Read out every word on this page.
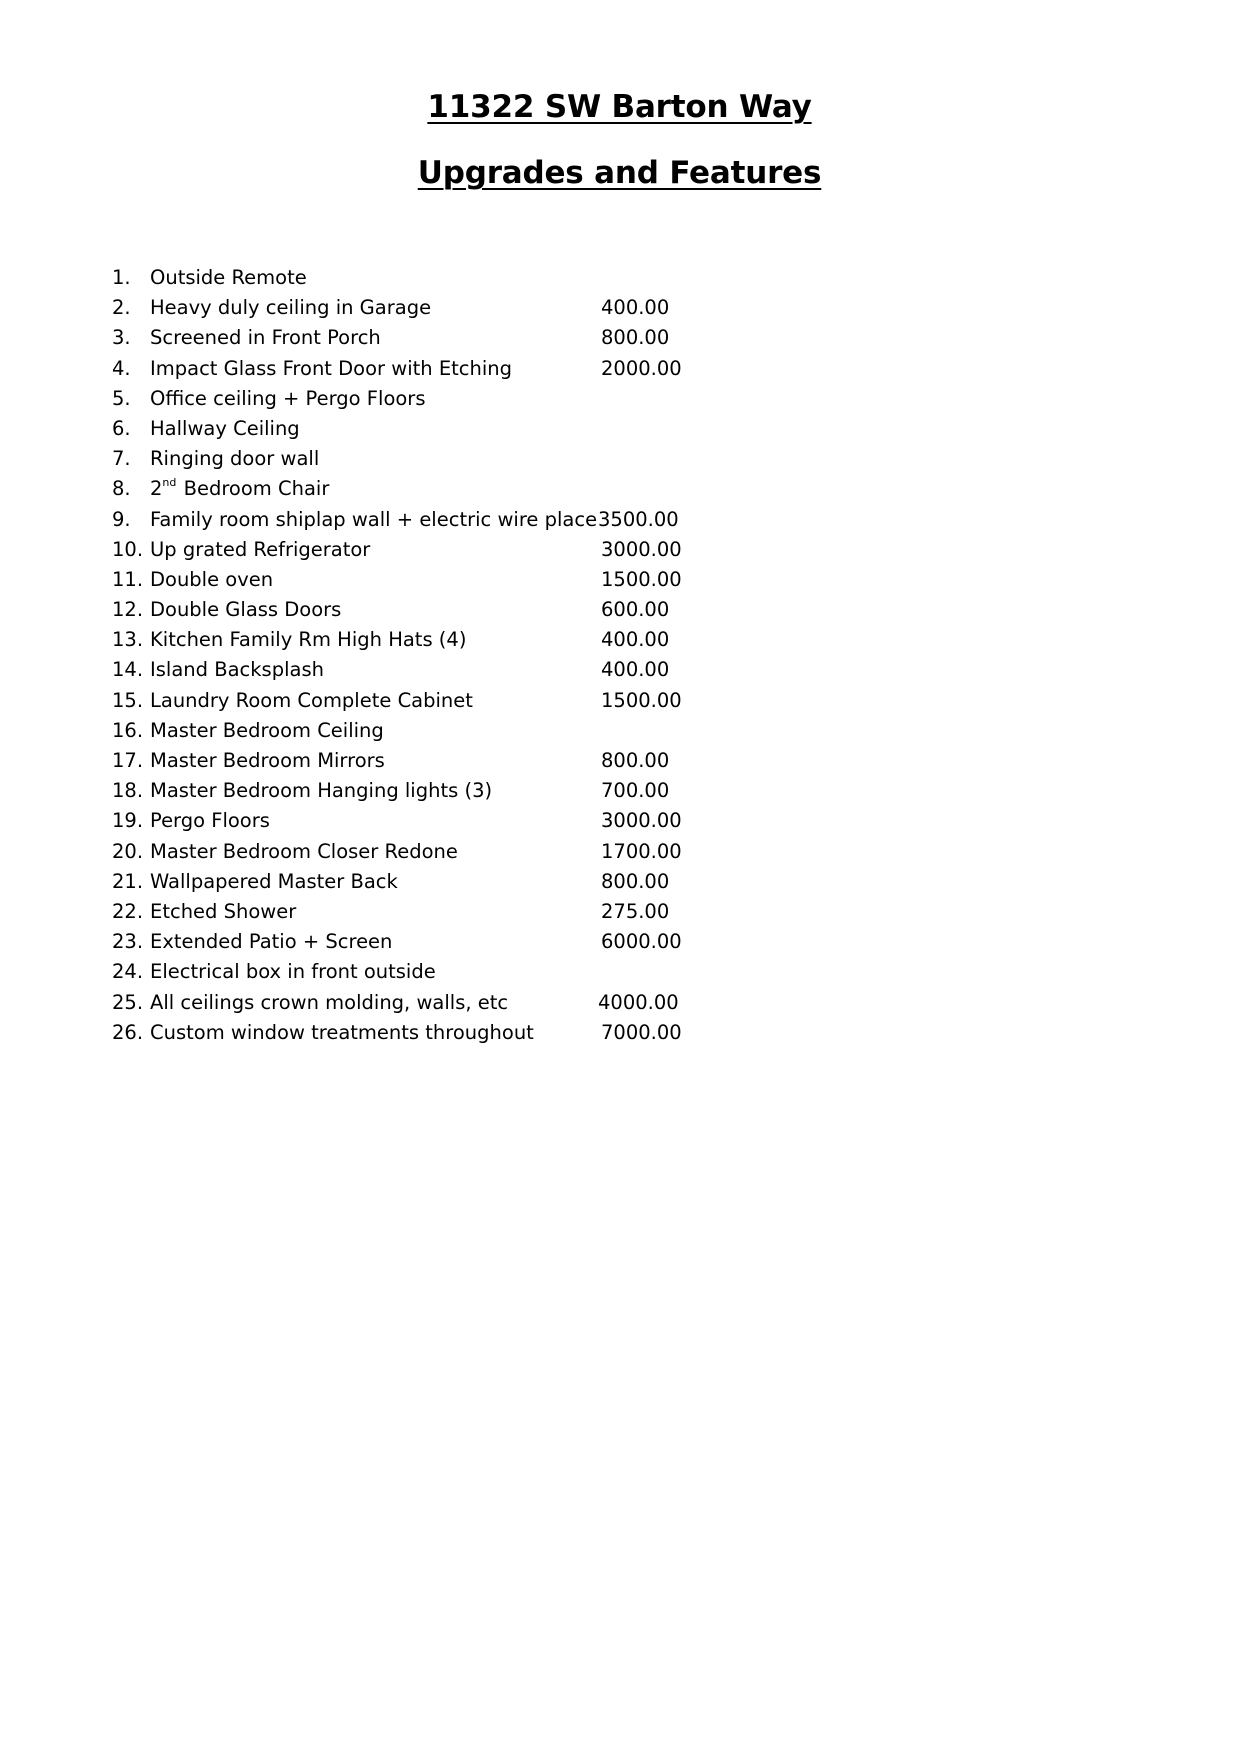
11322 SW Barton Way
Upgrades and Features
1. Outside Remote
2. Heavy duly ceiling in Garage	400.00
3. Screened in Front Porch	800.00
4. Impact Glass Front Door with Etching	2000.00
5. Office ceiling + Pergo Floors
6. Hallway Ceiling
7. Ringing door wall
8. 2nd Bedroom Chair
9. Family room shiplap wall + electric wire place 3500.00
10. Up grated Refrigerator	3000.00
11. Double oven	1500.00
12. Double Glass Doors	600.00
13. Kitchen Family Rm High Hats (4)	400.00
14. Island Backsplash	400.00
15. Laundry Room Complete Cabinet	1500.00
16. Master Bedroom Ceiling
17. Master Bedroom Mirrors	800.00
18. Master Bedroom Hanging lights (3)	700.00
19. Pergo Floors	3000.00
20. Master Bedroom Closer Redone	1700.00
21. Wallpapered Master Back	800.00
22. Etched Shower	275.00
23. Extended Patio + Screen	6000.00
24. Electrical box in front outside
25. All ceilings crown molding, walls, etc	4000.00
26. Custom window treatments throughout	7000.00
